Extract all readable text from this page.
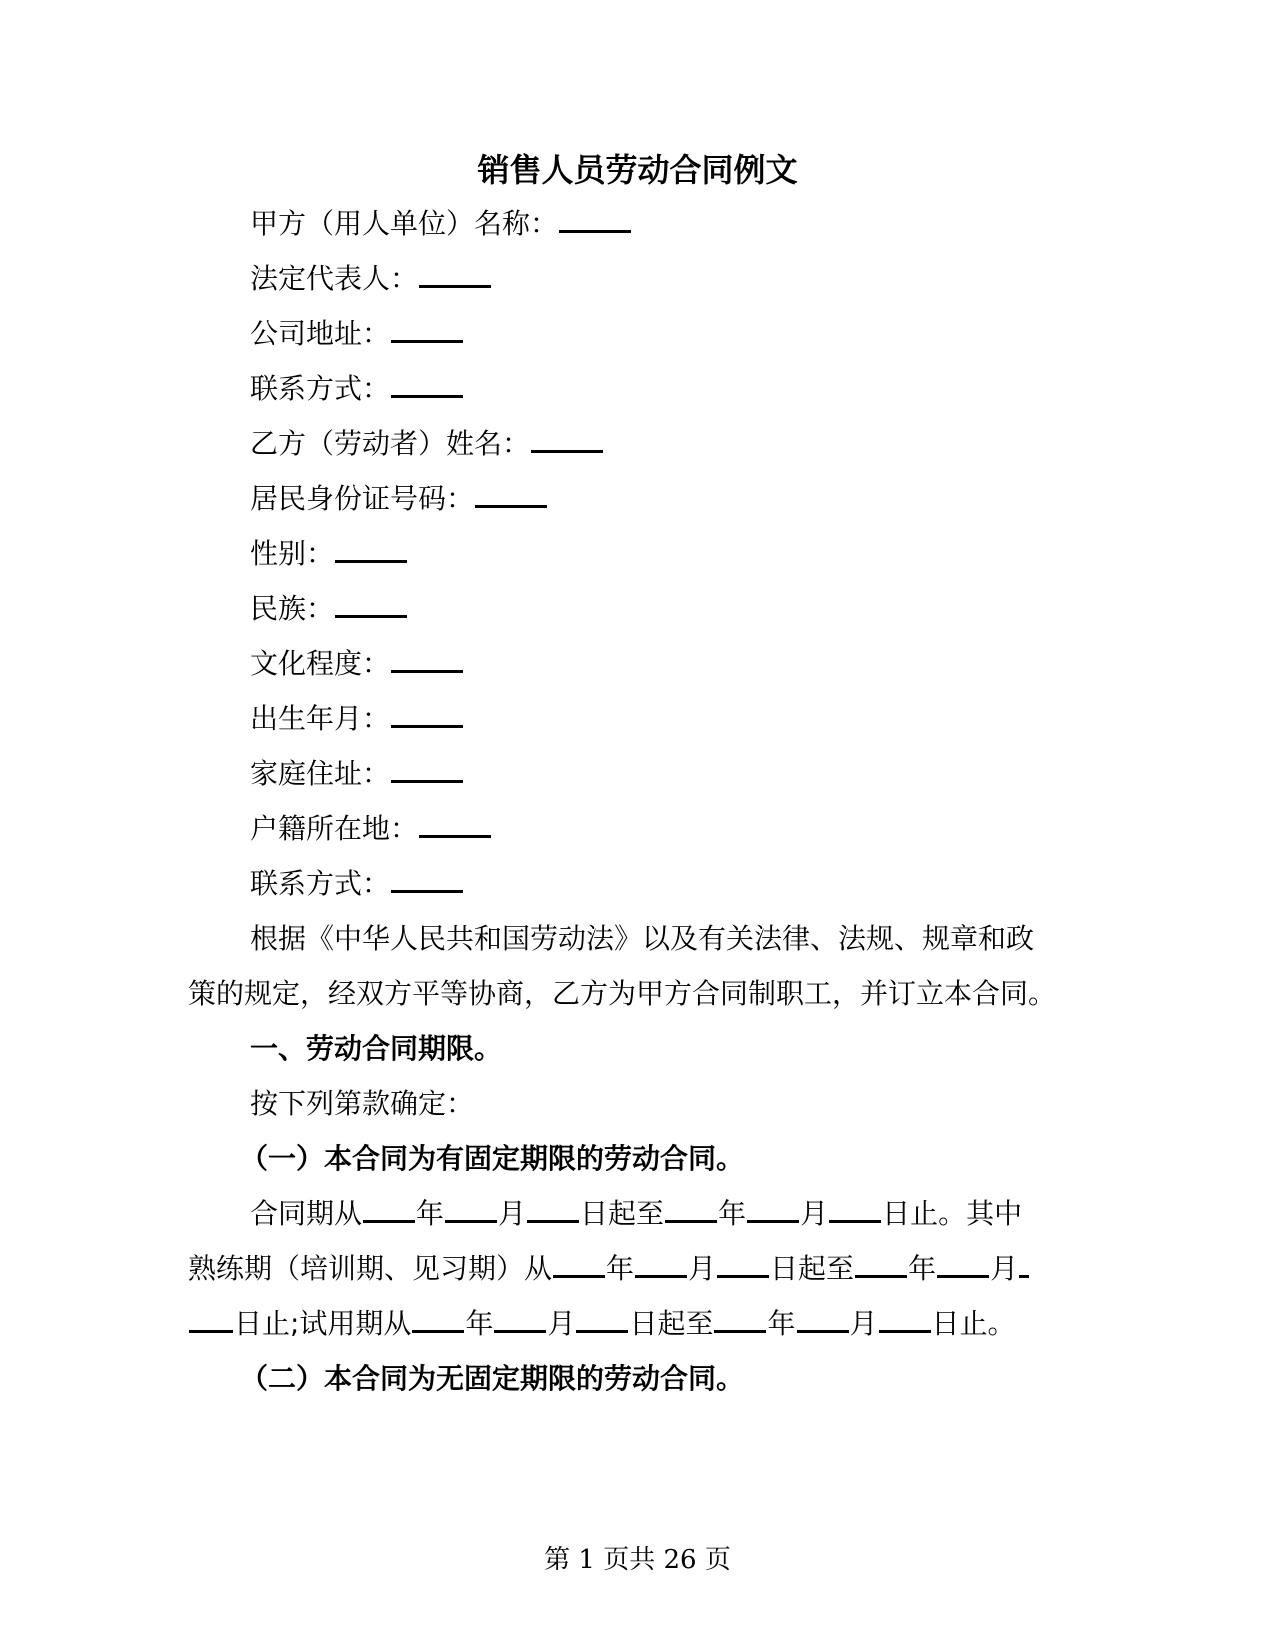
销售人员劳动合同例文
甲方（用人单位）名称：
法定代表人：
公司地址：
联系方式：
乙方（劳动者）姓名：
居民身份证号码：
性别：
民族：
文化程度：
出生年月：
家庭住址：
户籍所在地：
联系方式：
根据《中华人民共和国劳动法》以及有关法律、法规、规章和政
策的规定，经双方平等协商，乙方为甲方合同制职工，并订立本合同。
一、劳动合同期限。
按下列第款确定：
（一）本合同为有固定期限的劳动合同。
合同期从 年 月 日起至 年 月 日止。其中
熟练期（培训期、见习期）从 年 月 日起至 年 月
日止;试用期从 年 月 日起至 年 月 日止。
（二）本合同为无固定期限的劳动合同。
第 1 页共 26 页
